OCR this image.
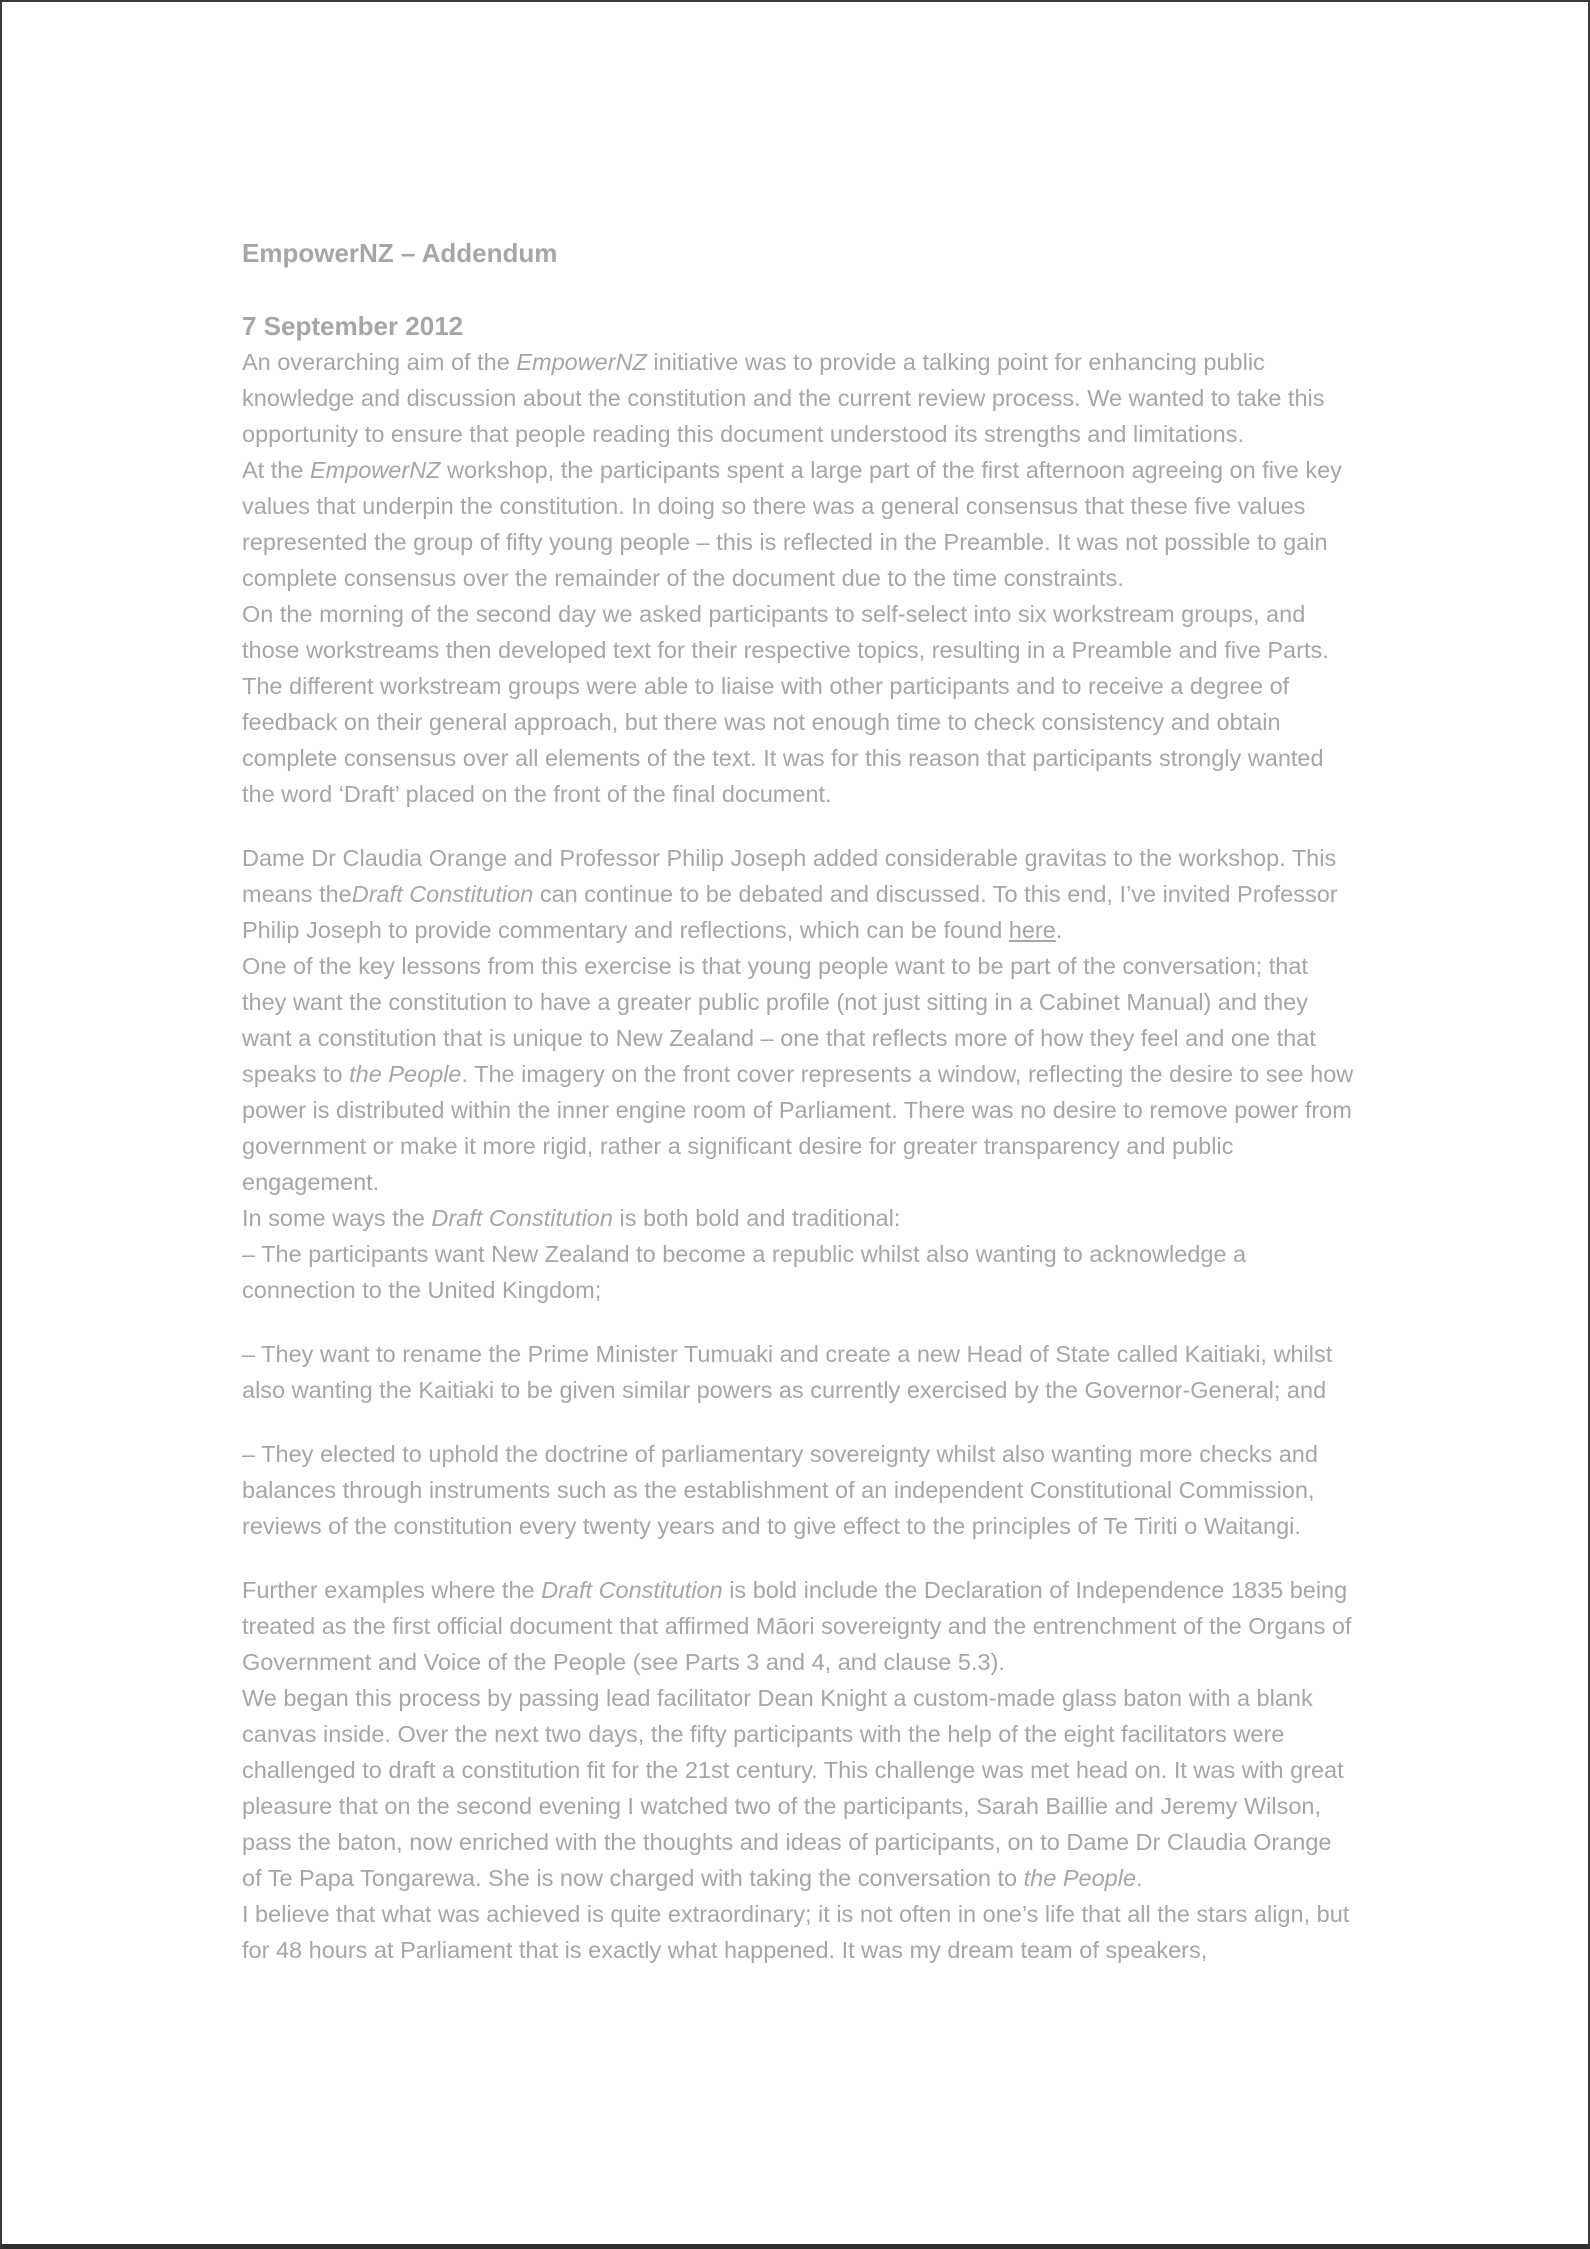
EmpowerNZ – Addendum
7 September 2012

An overarching aim of the EmpowerNZ initiative was to provide a talking point for enhancing public knowledge and discussion about the constitution and the current review process. We wanted to take this opportunity to ensure that people reading this document understood its strengths and limitations.

At the EmpowerNZ workshop, the participants spent a large part of the first afternoon agreeing on five key values that underpin the constitution. In doing so there was a general consensus that these five values represented the group of fifty young people – this is reflected in the Preamble. It was not possible to gain complete consensus over the remainder of the document due to the time constraints.

On the morning of the second day we asked participants to self-select into six workstream groups, and those workstreams then developed text for their respective topics, resulting in a Preamble and five Parts. The different workstream groups were able to liaise with other participants and to receive a degree of feedback on their general approach, but there was not enough time to check consistency and obtain complete consensus over all elements of the text. It was for this reason that participants strongly wanted the word ‘Draft’ placed on the front of the final document.

Dame Dr Claudia Orange and Professor Philip Joseph added considerable gravitas to the workshop. This means theDraft Constitution can continue to be debated and discussed. To this end, I’ve invited Professor Philip Joseph to provide commentary and reflections, which can be found here.

One of the key lessons from this exercise is that young people want to be part of the conversation; that they want the constitution to have a greater public profile (not just sitting in a Cabinet Manual) and they want a constitution that is unique to New Zealand – one that reflects more of how they feel and one that speaks to the People. The imagery on the front cover represents a window, reflecting the desire to see how power is distributed within the inner engine room of Parliament. There was no desire to remove power from government or make it more rigid, rather a significant desire for greater transparency and public engagement.

In some ways the Draft Constitution is both bold and traditional:

– The participants want New Zealand to become a republic whilst also wanting to acknowledge a connection to the United Kingdom;

– They want to rename the Prime Minister Tumuaki and create a new Head of State called Kaitiaki, whilst also wanting the Kaitiaki to be given similar powers as currently exercised by the Governor-General; and

– They elected to uphold the doctrine of parliamentary sovereignty whilst also wanting more checks and balances through instruments such as the establishment of an independent Constitutional Commission, reviews of the constitution every twenty years and to give effect to the principles of Te Tiriti o Waitangi.

Further examples where the Draft Constitution is bold include the Declaration of Independence 1835 being treated as the first official document that affirmed Māori sovereignty and the entrenchment of the Organs of Government and Voice of the People (see Parts 3 and 4, and clause 5.3).

We began this process by passing lead facilitator Dean Knight a custom-made glass baton with a blank canvas inside. Over the next two days, the fifty participants with the help of the eight facilitators were challenged to draft a constitution fit for the 21st century. This challenge was met head on. It was with great pleasure that on the second evening I watched two of the participants, Sarah Baillie and Jeremy Wilson, pass the baton, now enriched with the thoughts and ideas of participants, on to Dame Dr Claudia Orange of Te Papa Tongarewa. She is now charged with taking the conversation to the People.

I believe that what was achieved is quite extraordinary; it is not often in one’s life that all the stars align, but for 48 hours at Parliament that is exactly what happened. It was my dream team of speakers,
